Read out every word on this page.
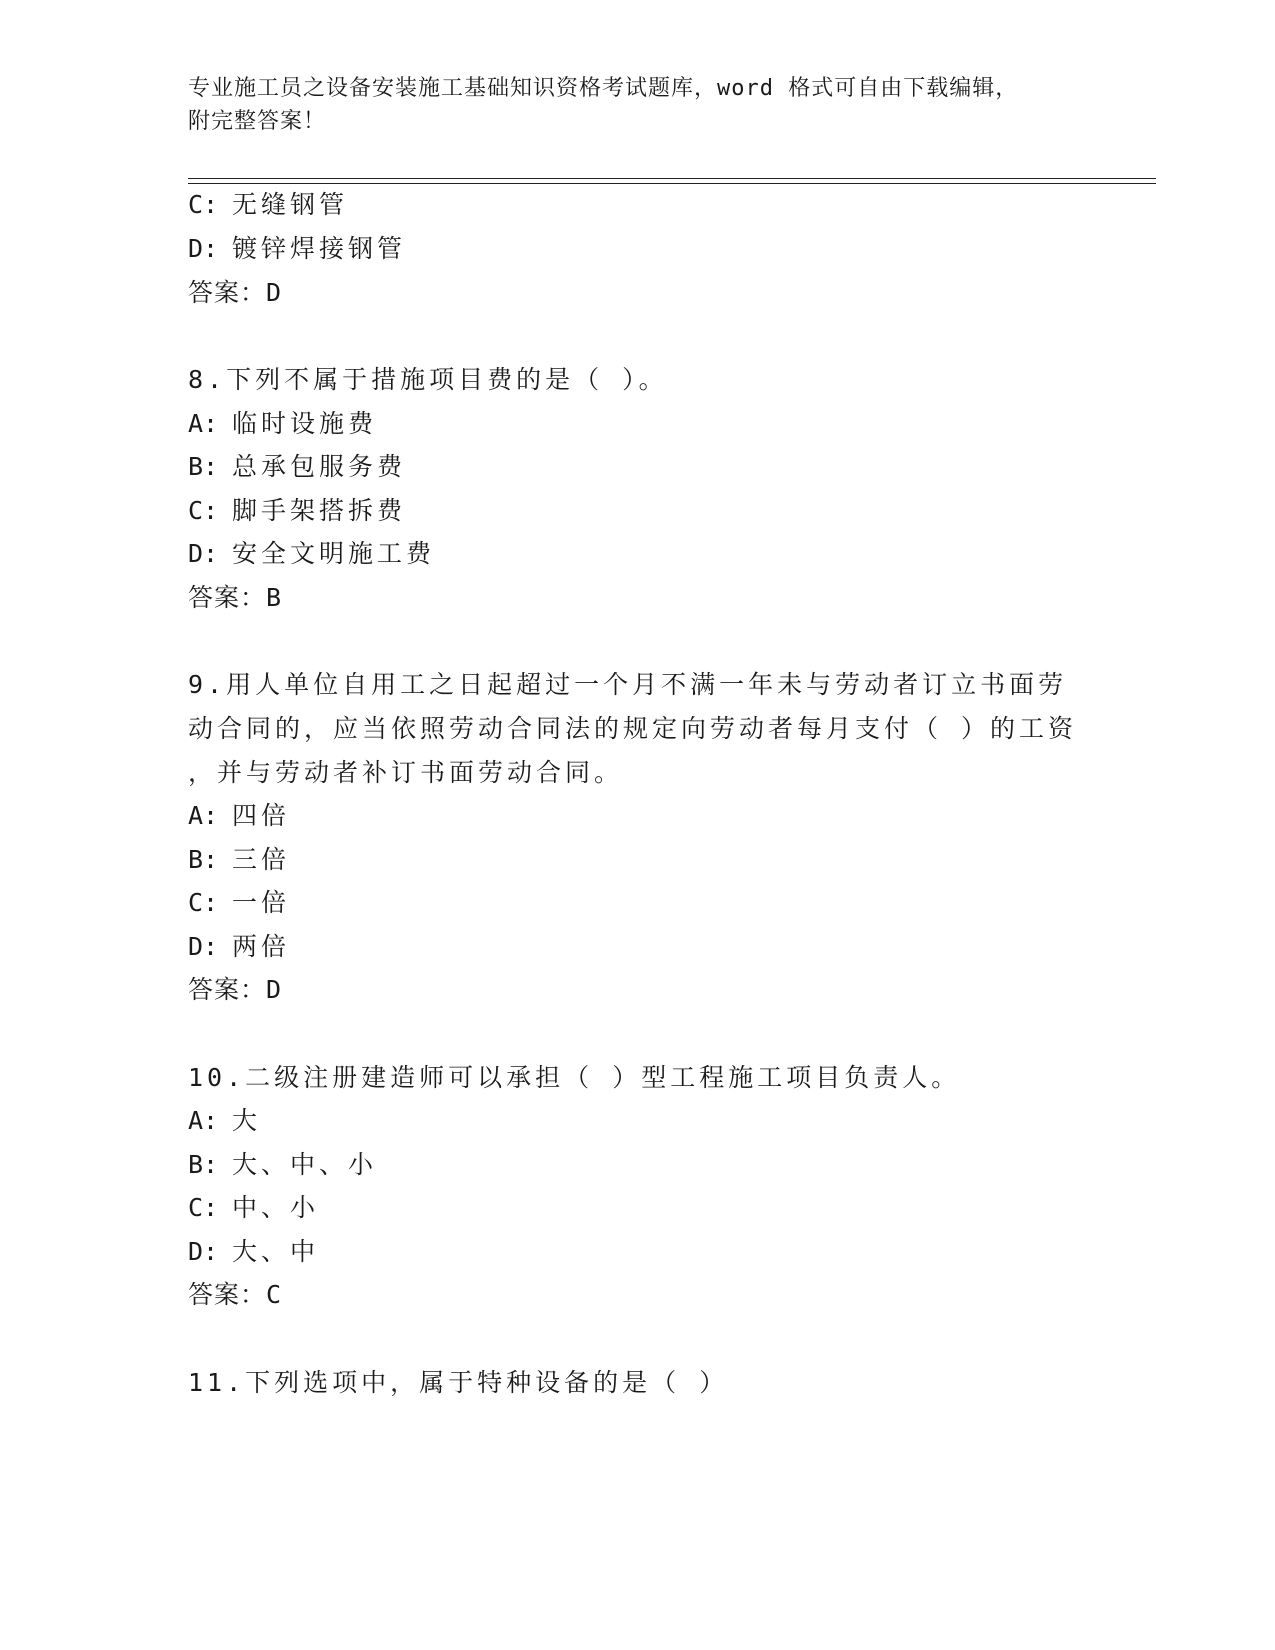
专业施工员之设备安装施工基础知识资格考试题库，word 格式可自由下载编辑，
附完整答案！
C: 无缝钢管
D: 镀锌焊接钢管
答案：D
8.下列不属于措施项目费的是（ ）。
A: 临时设施费
B: 总承包服务费
C: 脚手架搭拆费
D: 安全文明施工费
答案：B
9.用人单位自用工之日起超过一个月不满一年未与劳动者订立书面劳
动合同的，应当依照劳动合同法的规定向劳动者每月支付（ ）的工资
，并与劳动者补订书面劳动合同。
A: 四倍
B: 三倍
C: 一倍
D: 两倍
答案：D
10.二级注册建造师可以承担（ ）型工程施工项目负责人。
A: 大
B: 大、中、小
C: 中、小
D: 大、中
答案：C
11.下列选项中，属于特种设备的是（ ）
